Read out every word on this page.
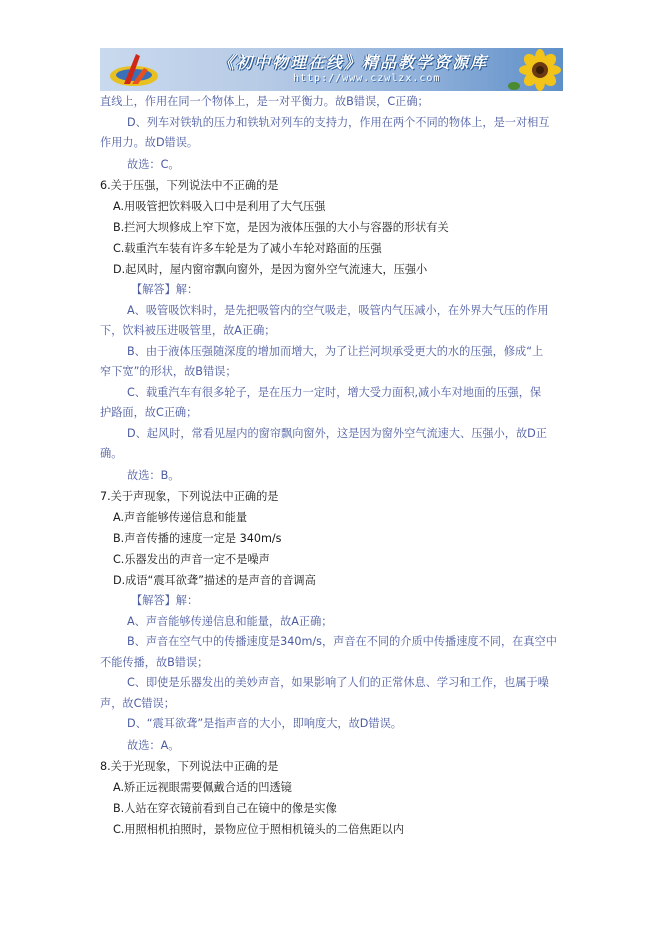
《初中物理在线》精品教学资源库
http://www.czwlzx.com
直线上，作用在同一个物体上，是一对平衡力。故B错误，C正确；
D、列车对铁轨的压力和铁轨对列车的支持力，作用在两个不同的物体上，是一对相互
作用力。故D错误。
故选：C。
6.关于压强，下列说法中不正确的是
A.用吸管把饮料吸入口中是利用了大气压强
B.拦河大坝修成上窄下宽，是因为液体压强的大小与容器的形状有关
C.载重汽车装有许多车轮是为了减小车轮对路面的压强
D.起风时，屋内窗帘飘向窗外，是因为窗外空气流速大，压强小
【解答】解：
A、吸管吸饮料时，是先把吸管内的空气吸走，吸管内气压减小，在外界大气压的作用
下，饮料被压进吸管里，故A正确；
B、由于液体压强随深度的增加而增大，为了让拦河坝承受更大的水的压强，修成“上
窄下宽”的形状，故B错误；
C、载重汽车有很多轮子，是在压力一定时，增大受力面积,减小车对地面的压强，保
护路面，故C正确；
D、起风时，常看见屋内的窗帘飘向窗外，这是因为窗外空气流速大、压强小，故D正
确。
故选：B。
7.关于声现象，下列说法中正确的是
A.声音能够传递信息和能量
B.声音传播的速度一定是 340m/s
C.乐器发出的声音一定不是噪声
D.成语“震耳欲聋”描述的是声音的音调高
【解答】解：
A、声音能够传递信息和能量，故A正确；
B、声音在空气中的传播速度是340m/s，声音在不同的介质中传播速度不同，在真空中
不能传播，故B错误；
C、即使是乐器发出的美妙声音，如果影响了人们的正常休息、学习和工作，也属于噪
声，故C错误；
D、“震耳欲聋”是指声音的大小，即响度大，故D错误。
故选：A。
8.关于光现象，下列说法中正确的是
A.矫正远视眼需要佩戴合适的凹透镜
B.人站在穿衣镜前看到自己在镜中的像是实像
C.用照相机拍照时，景物应位于照相机镜头的二倍焦距以内
